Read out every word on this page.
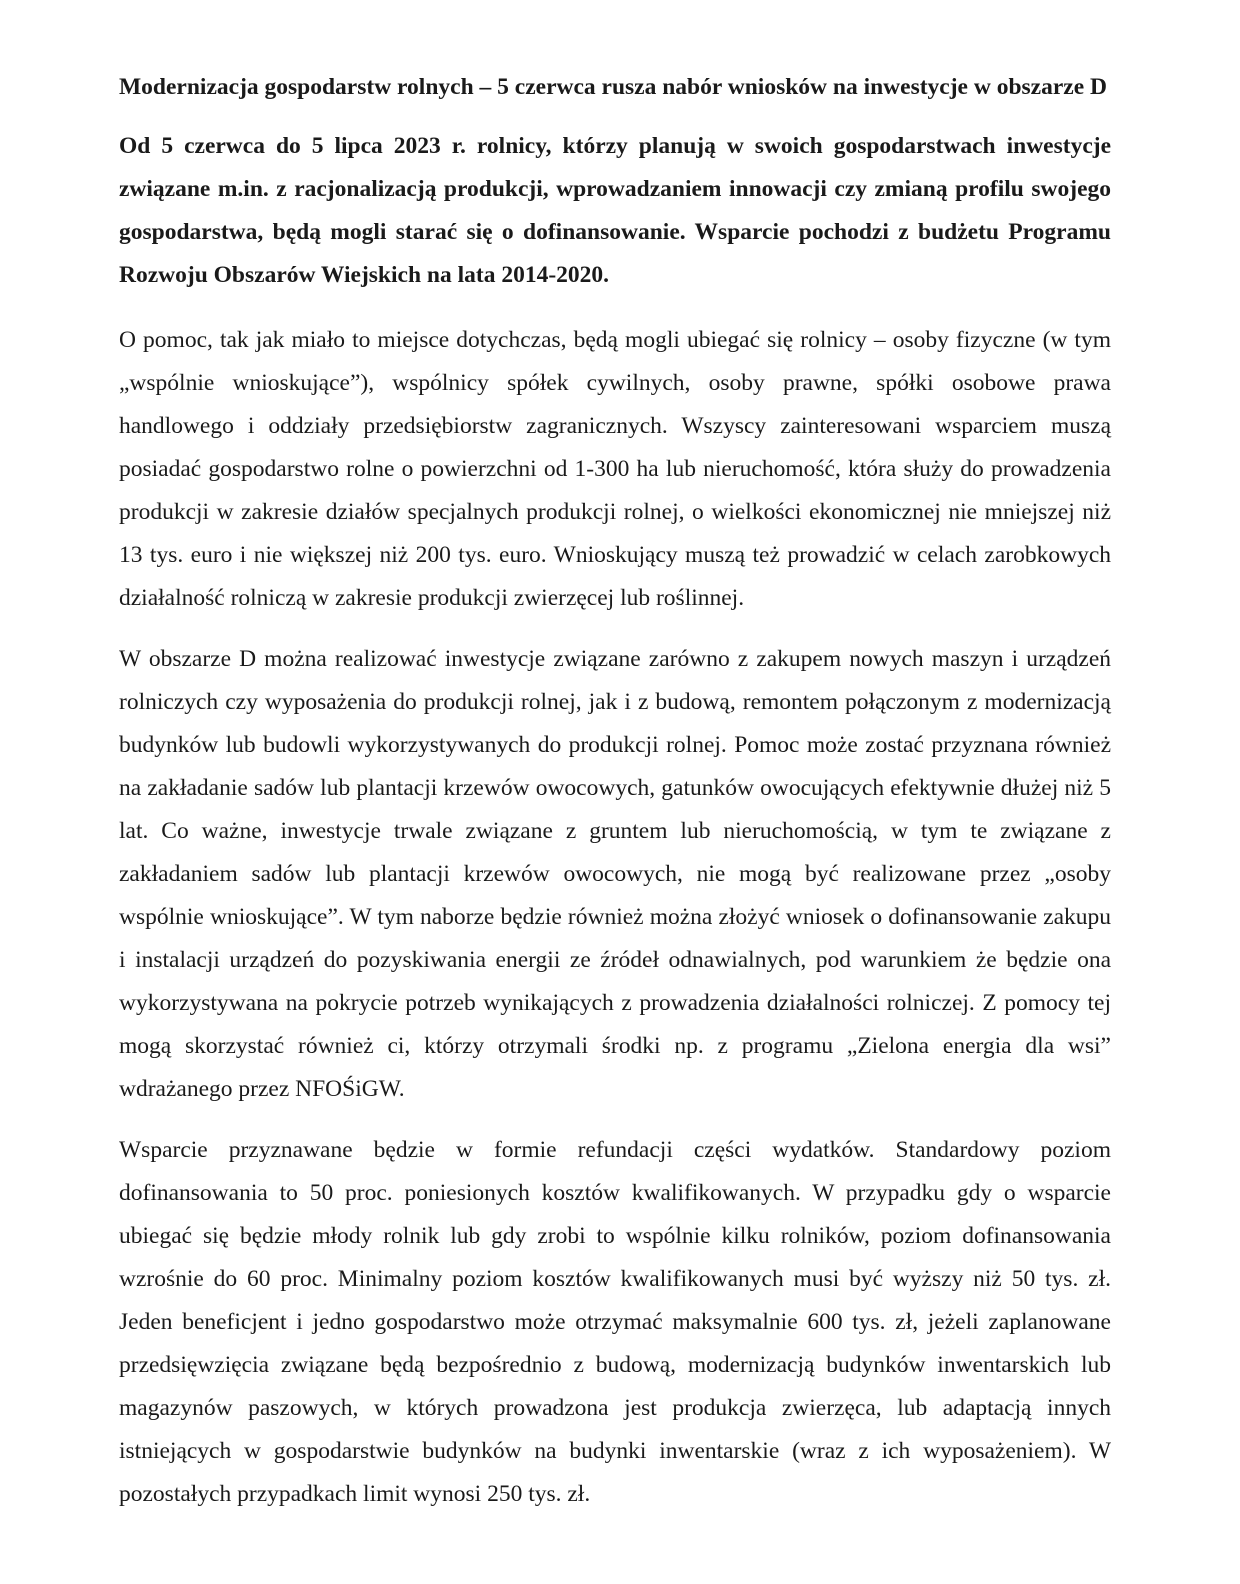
Modernizacja gospodarstw rolnych – 5 czerwca rusza nabór wniosków na inwestycje w obszarze D

Od 5 czerwca do 5 lipca 2023 r. rolnicy, którzy planują w swoich gospodarstwach inwestycje związane m.in. z racjonalizacją produkcji, wprowadzaniem innowacji czy zmianą profilu swojego gospodarstwa, będą mogli starać się o dofinansowanie. Wsparcie pochodzi z budżetu Programu Rozwoju Obszarów Wiejskich na lata 2014-2020.

O pomoc, tak jak miało to miejsce dotychczas, będą mogli ubiegać się rolnicy – osoby fizyczne (w tym „wspólnie wnioskujące”), wspólnicy spółek cywilnych, osoby prawne, spółki osobowe prawa handlowego i oddziały przedsiębiorstw zagranicznych. Wszyscy zainteresowani wsparciem muszą posiadać gospodarstwo rolne o powierzchni od 1-300 ha lub nieruchomość, która służy do prowadzenia produkcji w zakresie działów specjalnych produkcji rolnej, o wielkości ekonomicznej nie mniejszej niż 13 tys. euro i nie większej niż 200 tys. euro. Wnioskujący muszą też prowadzić w celach zarobkowych działalność rolniczą w zakresie produkcji zwierzęcej lub roślinnej.

W obszarze D można realizować inwestycje związane zarówno z zakupem nowych maszyn i urządzeń rolniczych czy wyposażenia do produkcji rolnej, jak i z budową, remontem połączonym z modernizacją budynków lub budowli wykorzystywanych do produkcji rolnej. Pomoc może zostać przyznana również na zakładanie sadów lub plantacji krzewów owocowych, gatunków owocujących efektywnie dłużej niż 5 lat. Co ważne, inwestycje trwale związane z gruntem lub nieruchomością, w tym te związane z zakładaniem sadów lub plantacji krzewów owocowych, nie mogą być realizowane przez „osoby wspólnie wnioskujące”. W tym naborze będzie również można złożyć wniosek o dofinansowanie zakupu i instalacji urządzeń do pozyskiwania energii ze źródeł odnawialnych, pod warunkiem że będzie ona wykorzystywana na pokrycie potrzeb wynikających z prowadzenia działalności rolniczej. Z pomocy tej mogą skorzystać również ci, którzy otrzymali środki np. z programu „Zielona energia dla wsi” wdrażanego przez NFOŚiGW.

Wsparcie przyznawane będzie w formie refundacji części wydatków. Standardowy poziom dofinansowania to 50 proc. poniesionych kosztów kwalifikowanych. W przypadku gdy o wsparcie ubiegać się będzie młody rolnik lub gdy zrobi to wspólnie kilku rolników, poziom dofinansowania wzrośnie do 60 proc. Minimalny poziom kosztów kwalifikowanych musi być wyższy niż 50 tys. zł. Jeden beneficjent i jedno gospodarstwo może otrzymać maksymalnie 600 tys. zł, jeżeli zaplanowane przedsięwzięcia związane będą bezpośrednio z budową, modernizacją budynków inwentarskich lub magazynów paszowych, w których prowadzona jest produkcja zwierzęca, lub adaptacją innych istniejących w gospodarstwie budynków na budynki inwentarskie (wraz z ich wyposażeniem). W pozostałych przypadkach limit wynosi 250 tys. zł.
